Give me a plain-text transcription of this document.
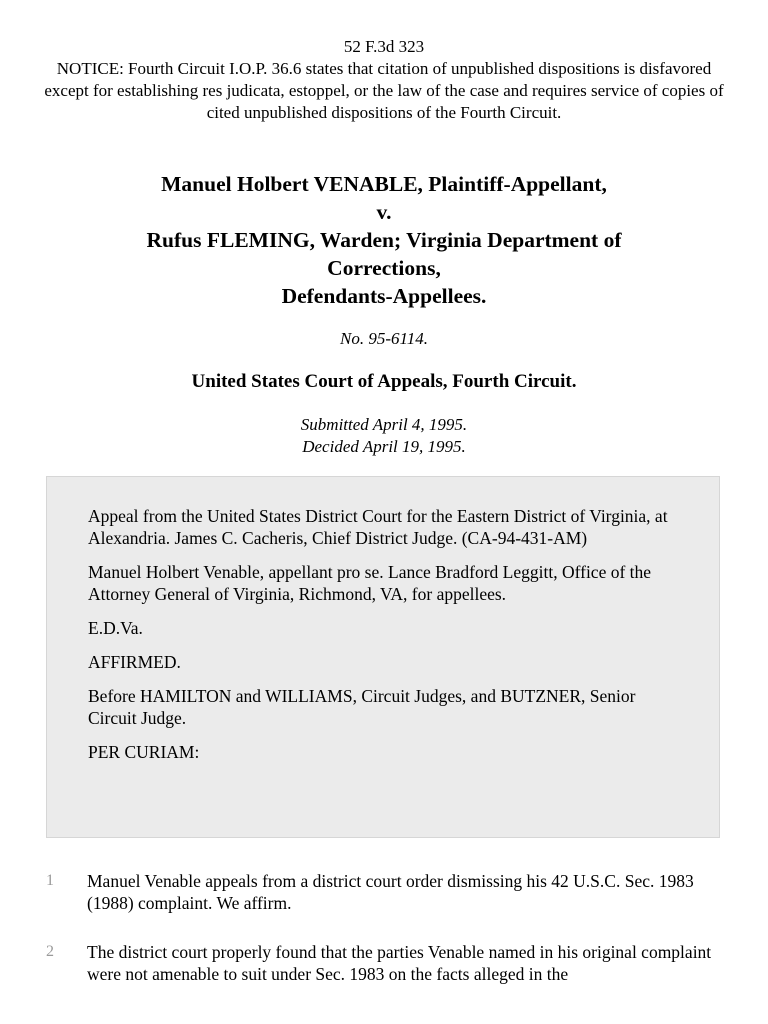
52 F.3d 323
NOTICE: Fourth Circuit I.O.P. 36.6 states that citation of unpublished dispositions is disfavored except for establishing res judicata, estoppel, or the law of the case and requires service of copies of cited unpublished dispositions of the Fourth Circuit.
Manuel Holbert VENABLE, Plaintiff-Appellant,
v.
Rufus FLEMING, Warden; Virginia Department of
Corrections,
Defendants-Appellees.
No. 95-6114.
United States Court of Appeals, Fourth Circuit.
Submitted April 4, 1995.
Decided April 19, 1995.

Appeal from the United States District Court for the Eastern District of Virginia, at Alexandria. James C. Cacheris, Chief District Judge. (CA-94-431-AM)

Manuel Holbert Venable, appellant pro se. Lance Bradford Leggitt, Office of the Attorney General of Virginia, Richmond, VA, for appellees.

E.D.Va.

AFFIRMED.

Before HAMILTON and WILLIAMS, Circuit Judges, and BUTZNER, Senior Circuit Judge.

PER CURIAM:

1 Manuel Venable appeals from a district court order dismissing his 42 U.S.C. Sec. 1983 (1988) complaint. We affirm.
2 The district court properly found that the parties Venable named in his original complaint were not amenable to suit under Sec. 1983 on the facts alleged in the
